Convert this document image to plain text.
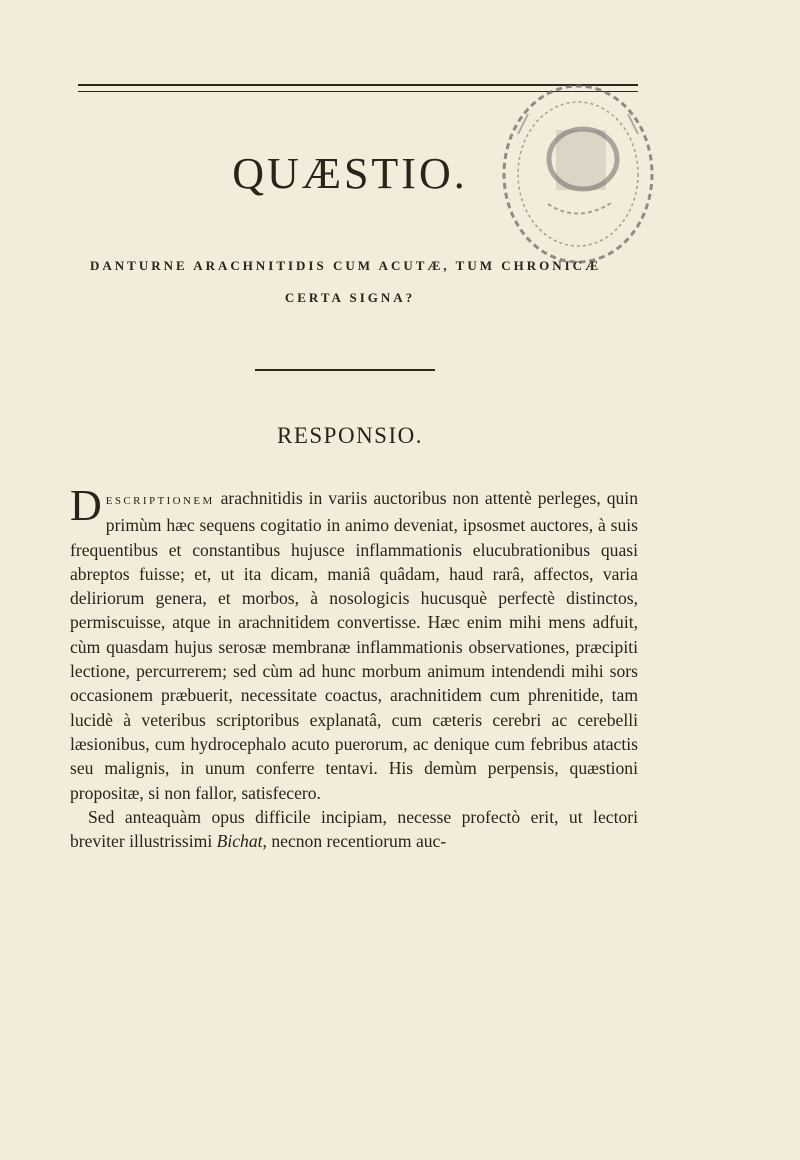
QUÆSTIO.
DANTURNE ARACHNITIDIS CUM ACUTÆ, TUM CHRONICÆ
CERTA SIGNA?
RESPONSIO.

DESCRIPTIONEM arachnitidis in variis auctoribus non attentè perleges, quin primùm hæc sequens cogitatio in animo deveniat, ipsosmet auctores, à suis frequentibus et constantibus hujusce inflammationis elucubrationibus quasi abreptos fuisse; et, ut ita dicam, maniâ quâdam, haud rarâ, affectos, varia deliriorum genera, et morbos, à nosologicis hucusquè perfectè distinctos, permiscuisse, atque in arachnitidem convertisse. Hæc enim mihi mens adfuit, cùm quasdam hujus serosæ membranæ inflammationis observationes, præcipiti lectione, percurrerem; sed cùm ad hunc morbum animum intendendi mihi sors occasionem præbuerit, necessitate coactus, arachnitidem cum phrenitide, tam lucidè à veteribus scriptoribus explanatâ, cum cæteris cerebri ac cerebelli læsionibus, cum hydrocephalo acuto puerorum, ac denique cum febribus atactis seu malignis, in unum conferre tentavi. His demùm perpensis, quæstioni propositæ, si non fallor, satisfecero.

Sed anteaquàm opus difficile incipiam, necesse profectò erit, ut lectori breviter illustrissimi Bichat, necnon recentiorum auc-
